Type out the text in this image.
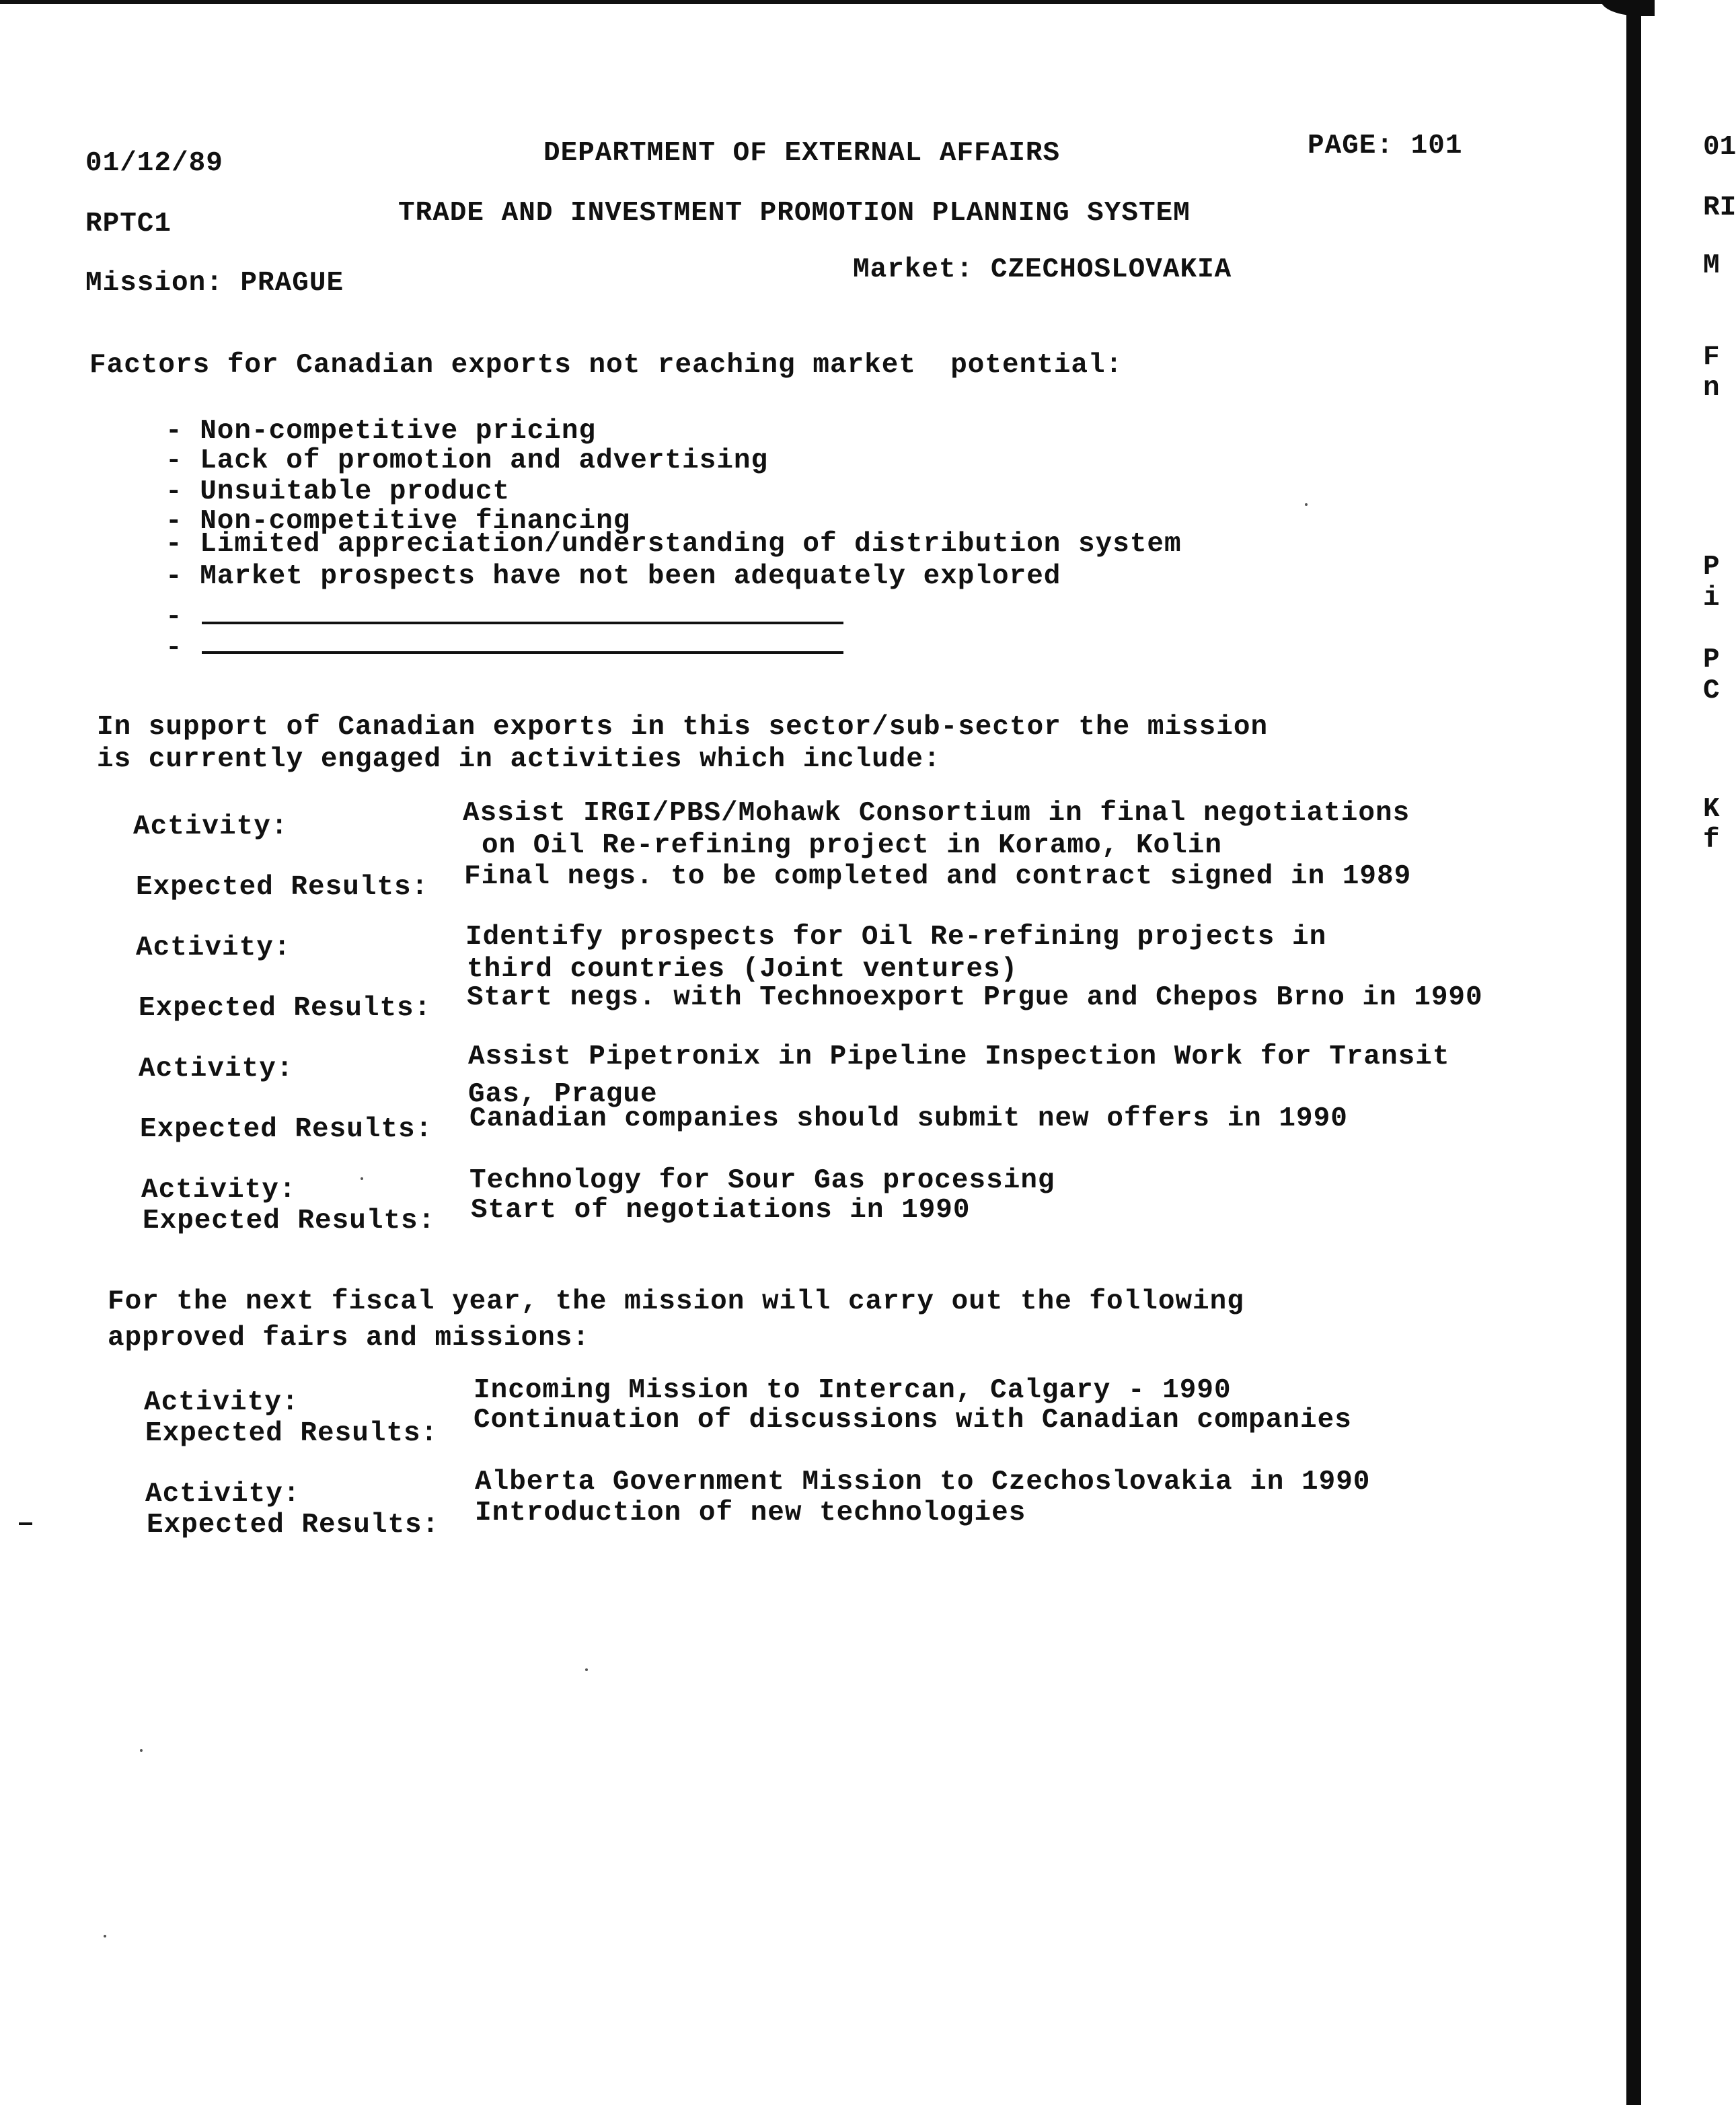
01/12/89	DEPARTMENT OF EXTERNAL AFFAIRS	PAGE: 101
RPTC1	TRADE AND INVESTMENT PROMOTION PLANNING SYSTEM
Mission: PRAGUE	Market: CZECHOSLOVAKIA
Factors for Canadian exports not reaching market  potential:
- Non-competitive pricing
- Lack of promotion and advertising
- Unsuitable product
- Non-competitive financing
- Limited appreciation/understanding of distribution system
- Market prospects have not been adequately explored
-
-
In support of Canadian exports in this sector/sub-sector the mission
is currently engaged in activities which include:
Activity:	Assist IRGI/PBS/Mohawk Consortium in final negotiations
on Oil Re-refining project in Koramo, Kolin
Expected Results: Final negs. to be completed and contract signed in 1989
Activity:	Identify prospects for Oil Re-refining projects in
third countries (Joint ventures)
Expected Results: Start negs. with Technoexport Prgue and Chepos Brno in 1990
Activity:	Assist Pipetronix in Pipeline Inspection Work for Transit
Gas, Prague
Expected Results: Canadian companies should submit new offers in 1990
Activity:	Technology for Sour Gas processing
Expected Results: Start of negotiations in 1990
For the next fiscal year, the mission will carry out the following
approved fairs and missions:
Activity:	Incoming Mission to Intercan, Calgary - 1990
Expected Results: Continuation of discussions with Canadian companies
Activity:	Alberta Government Mission to Czechoslovakia in 1990
Expected Results: Introduction of new technologies
01
RI
M
F
n
P
i
P
C
K
f
